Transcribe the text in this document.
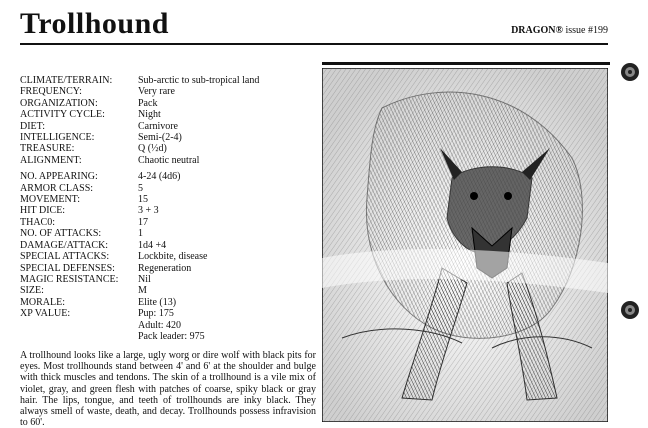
Trollhound	DRAGON® issue #199
CLIMATE/TERRAIN:	Sub-arctic to sub-tropical land
FREQUENCY:	Very rare
ORGANIZATION:	Pack
ACTIVITY CYCLE:	Night
DIET:	Carnivore
INTELLIGENCE:	Semi-(2-4)
TREASURE:	Q (½d)
ALIGNMENT:	Chaotic neutral
NO. APPEARING:	4-24 (4d6)
ARMOR CLASS:	5
MOVEMENT:	15
HIT DICE:	3 + 3
THAC0:	17
NO. OF ATTACKS:	1
DAMAGE/ATTACK:	1d4 +4
SPECIAL ATTACKS:	Lockbite, disease
SPECIAL DEFENSES:	Regeneration
MAGIC RESISTANCE:	Nil
SIZE:	M
MORALE:	Elite (13)
XP VALUE:	Pup: 175
Adult: 420
Pack leader: 975
A trollhound looks like a large, ugly worg or dire wolf with black pits for eyes. Most trollhounds stand between 4' and 6' at the shoulder and bulge with thick muscles and tendons. The skin of a trollhound is a vile mix of violet, gray, and green flesh with patches of coarse, spiky black or gray hair. The lips, tongue, and teeth of trollhounds are inky black. They always smell of waste, death, and decay. Trollhounds possess infravision to 60'.
